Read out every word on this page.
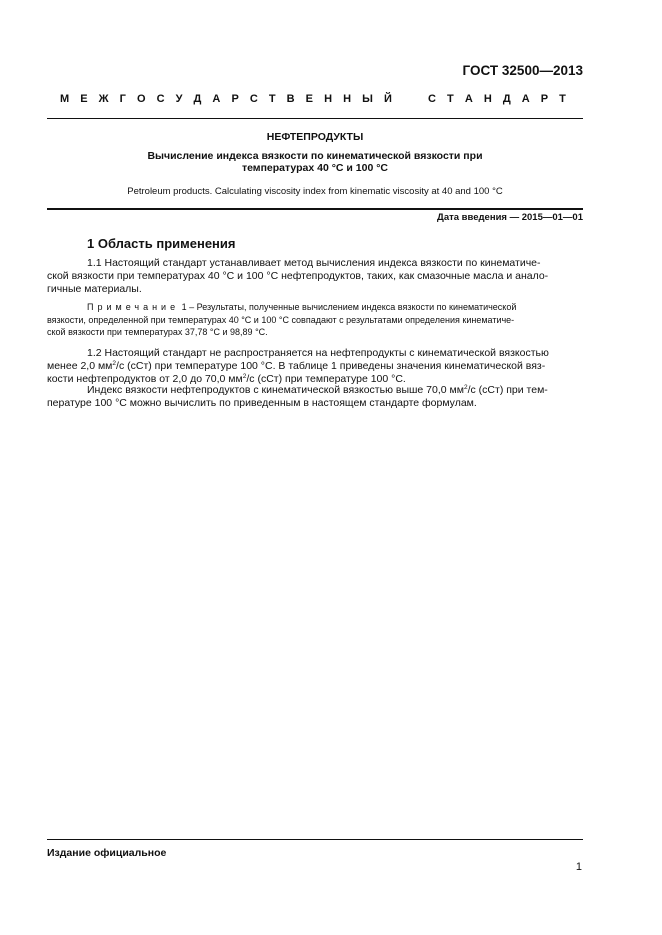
ГОСТ 32500—2013
М Е Ж Г О С У Д А Р С Т В Е Н Н Ы Й	С Т А Н Д А Р Т
НЕФТЕПРОДУКТЫ
Вычисление индекса вязкости по кинематической вязкости при
температурах 40 °С и 100 °С
Petroleum products. Calculating viscosity index from kinematic viscosity at 40 and 100 °C
Дата введения — 2015—01—01
1 Область применения
1.1 Настоящий стандарт устанавливает метод вычисления индекса вязкости по кинематиче-
ской вязкости при температурах 40 °С и 100 °С нефтепродуктов, таких, как смазочные масла и анало-
гичные материалы.
Примечание 1 – Результаты, полученные вычислением индекса вязкости по кинематической
вязкости, определенной при температурах 40 °С и 100 °С совпадают с результатами определения кинематиче-
ской вязкости при температурах 37,78 °С и 98,89 °С.
1.2 Настоящий стандарт не распространяется на нефтепродукты с кинематической вязкостью
менее 2,0 $мм^2/с$ (сСт) при температуре 100 °С. В таблице 1 приведены значения кинематической вяз-
кости нефтепродуктов от 2,0 до 70,0 $мм^2/с$ (сСт) при температуре 100 °С.
Индекс вязкости нефтепродуктов с кинематической вязкостью выше 70,0 $мм^2/с$ (сСт) при тем-
пературе 100 °С можно вычислить по приведенным в настоящем стандарте формулам.
Издание официальное
1
